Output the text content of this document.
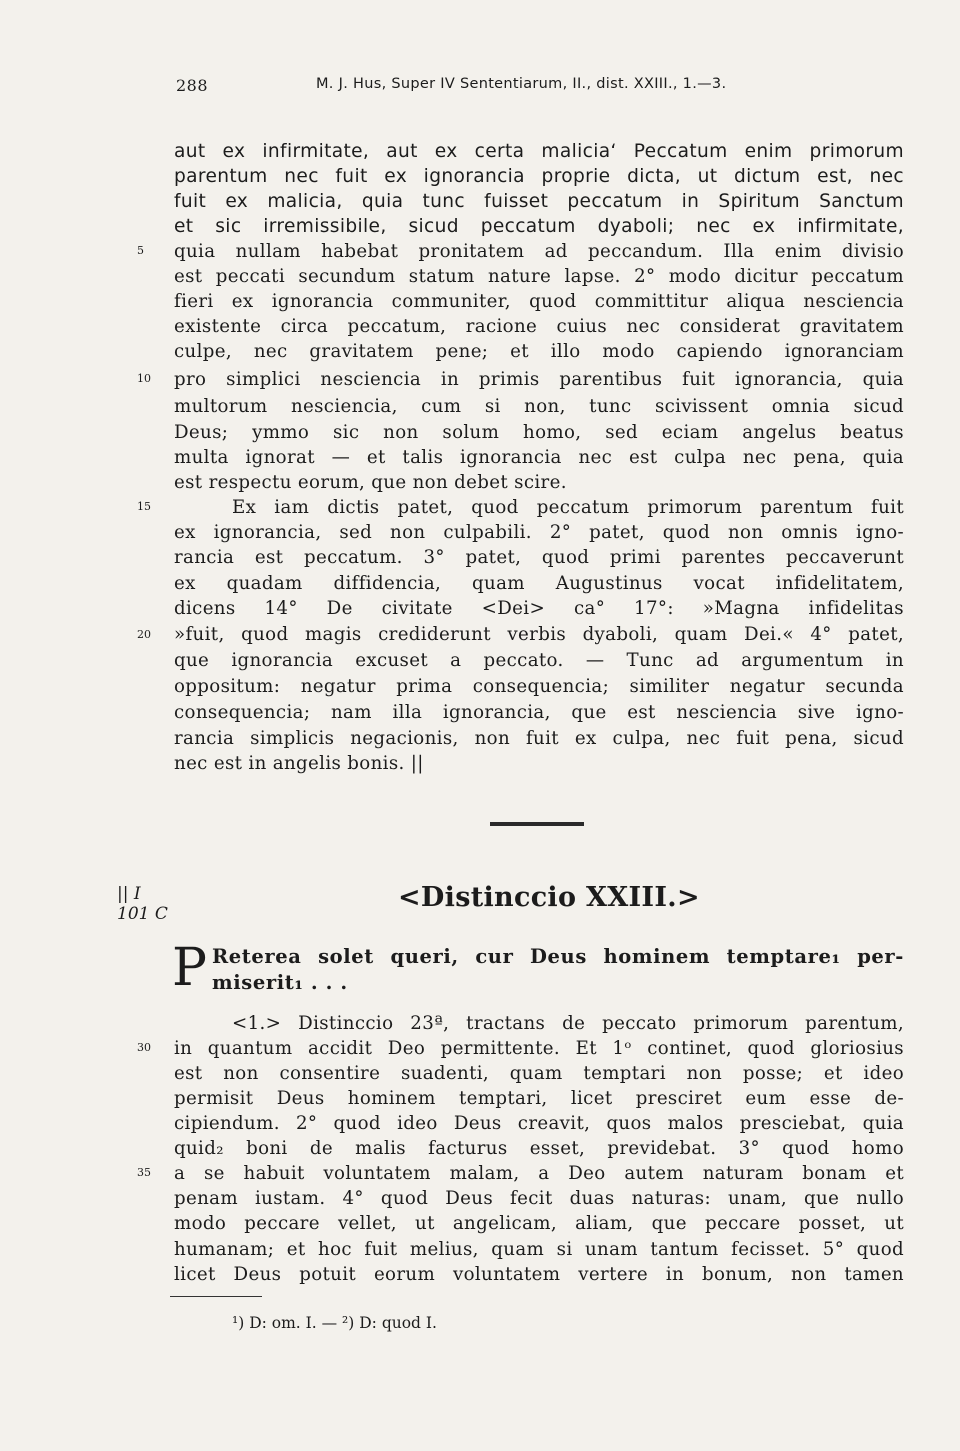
288	M. J. Hus, Super IV Sententiarum, II., dist. XXIII., 1.—3.
aut ex infirmitate, aut ex certa malicia‘ Peccatum enim primorum
parentum nec fuit ex ignorancia proprie dicta, ut dictum est, nec
fuit ex malicia, quia tunc fuisset peccatum in Spiritum Sanctum
et sic irremissibile, sicud peccatum dyaboli; nec ex infirmitate,
quia nullam habebat pronitatem ad peccandum. Illa enim divisio
est peccati secundum statum nature lapse. 2° modo dicitur peccatum
fieri ex ignorancia communiter, quod committitur aliqua nesciencia
existente circa peccatum, racione cuius nec considerat gravitatem
culpe, nec gravitatem pene; et illo modo capiendo ignoranciam
pro simplici nesciencia in primis parentibus fuit ignorancia, quia
multorum nesciencia, cum si non, tunc scivissent omnia sicud
Deus; ymmo sic non solum homo, sed eciam angelus beatus
multa ignorat — et talis ignorancia nec est culpa nec pena, quia
est respectu eorum, que non debet scire.
Ex iam dictis patet, quod peccatum primorum parentum fuit
ex ignorancia, sed non culpabili. 2° patet, quod non omnis igno-
rancia est peccatum. 3° patet, quod primi parentes peccaverunt
ex quadam diffidencia, quam Augustinus vocat infidelitatem,
dicens 14° De civitate <Dei> ca° 17°: »Magna infidelitas
»fuit, quod magis crediderunt verbis dyaboli, quam Dei.« 4° patet,
que ignorancia excuset a peccato. — Tunc ad argumentum in
oppositum: negatur prima consequencia; similiter negatur secunda
consequencia; nam illa ignorancia, que est nesciencia sive igno-
rancia simplicis negacionis, non fuit ex culpa, nec fuit pena, sicud
nec est in angelis bonis. ||
5
10
15
20
|| I
101 C
<Distinccio XXIII.>
P Reterea solet queri, cur Deus hominem temptare₁ per-
miserit₁ . . .
<1.> Distinccio 23ª, tractans de peccato primorum parentum,
in quantum accidit Deo permittente. Et 1ᵒ continet, quod gloriosius
est non consentire suadenti, quam temptari non posse; et ideo
permisit Deus hominem temptari, licet presciret eum esse de-
cipiendum. 2° quod ideo Deus creavit, quos malos presciebat, quia
quid₂ boni de malis facturus esset, previdebat. 3° quod homo
a se habuit voluntatem malam, a Deo autem naturam bonam et
penam iustam. 4° quod Deus fecit duas naturas: unam, que nullo
modo peccare vellet, ut angelicam, aliam, que peccare posset, ut
humanam; et hoc fuit melius, quam si unam tantum fecisset. 5° quod
licet Deus potuit eorum voluntatem vertere in bonum, non tamen
30
35
¹) D: om. I. — ²) D: quod I.
